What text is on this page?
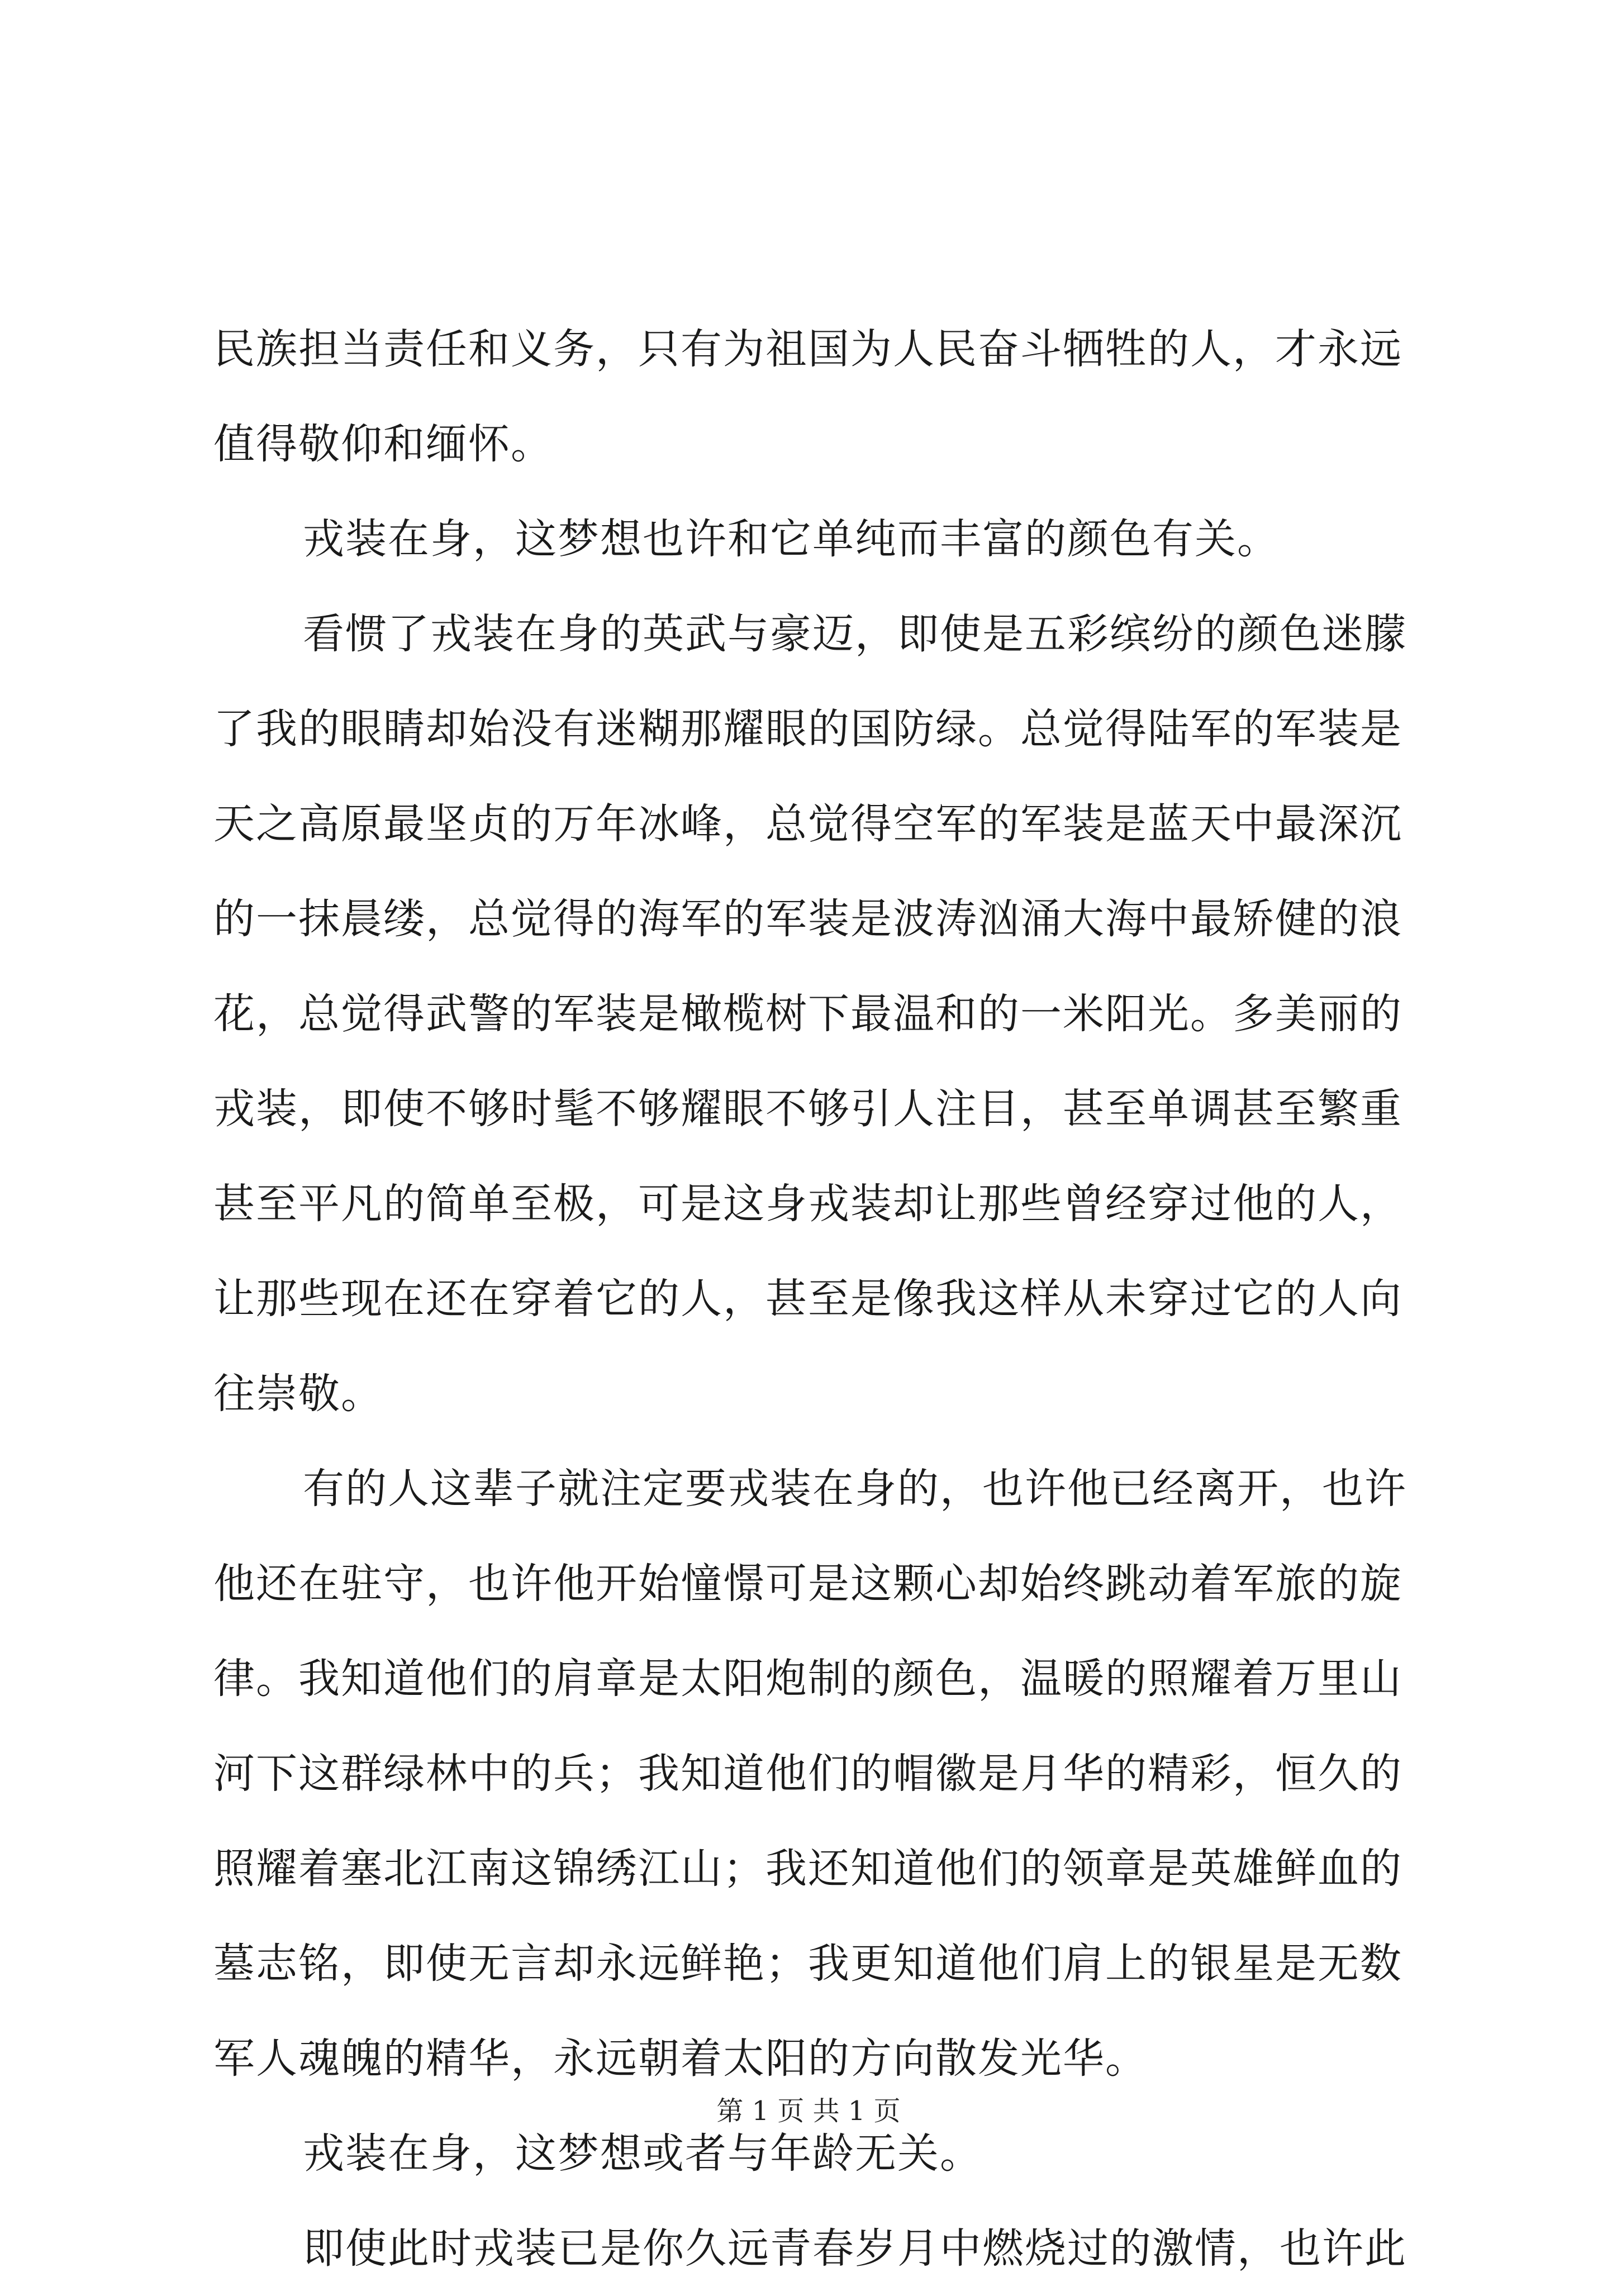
民族担当责任和义务，只有为祖国为人民奋斗牺牲的人，才永远
值得敬仰和缅怀。
戎装在身，这梦想也许和它单纯而丰富的颜色有关。
看惯了戎装在身的英武与豪迈，即使是五彩缤纷的颜色迷朦
了我的眼睛却始没有迷糊那耀眼的国防绿。总觉得陆军的军装是
天之高原最坚贞的万年冰峰，总觉得空军的军装是蓝天中最深沉
的一抹晨缕，总觉得的海军的军装是波涛汹涌大海中最矫健的浪
花，总觉得武警的军装是橄榄树下最温和的一米阳光。多美丽的
戎装，即使不够时髦不够耀眼不够引人注目，甚至单调甚至繁重
甚至平凡的简单至极，可是这身戎装却让那些曾经穿过他的人，
让那些现在还在穿着它的人，甚至是像我这样从未穿过它的人向
往崇敬。
有的人这辈子就注定要戎装在身的，也许他已经离开，也许
他还在驻守，也许他开始憧憬可是这颗心却始终跳动着军旅的旋
律。我知道他们的肩章是太阳炮制的颜色，温暖的照耀着万里山
河下这群绿林中的兵；我知道他们的帽徽是月华的精彩，恒久的
照耀着塞北江南这锦绣江山；我还知道他们的领章是英雄鲜血的
墓志铭，即使无言却永远鲜艳；我更知道他们肩上的银星是无数
军人魂魄的精华，永远朝着太阳的方向散发光华。
戎装在身，这梦想或者与年龄无关。
即使此时戎装已是你久远青春岁月中燃烧过的激情，也许此
第 1 页 共 1 页
